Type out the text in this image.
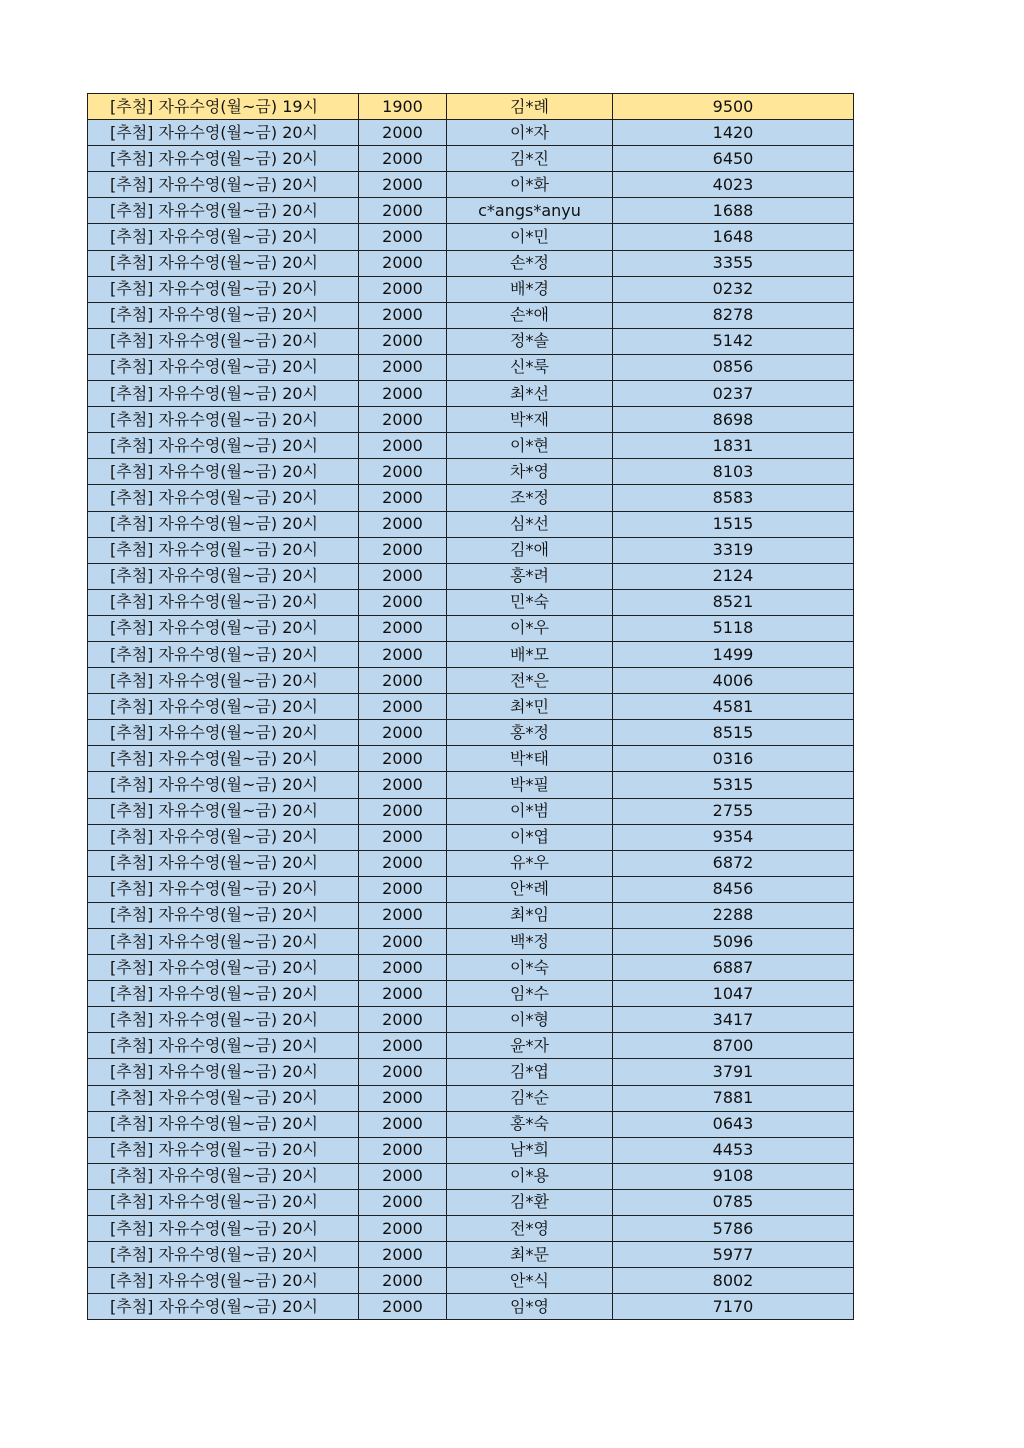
[추첨] 자유수영(월~금) 19시	1900	김*례	9500
[추첨] 자유수영(월~금) 20시	2000	이*자	1420
[추첨] 자유수영(월~금) 20시	2000	김*진	6450
[추첨] 자유수영(월~금) 20시	2000	이*화	4023
[추첨] 자유수영(월~금) 20시	2000	c*angs*anyu	1688
[추첨] 자유수영(월~금) 20시	2000	이*민	1648
[추첨] 자유수영(월~금) 20시	2000	손*정	3355
[추첨] 자유수영(월~금) 20시	2000	배*경	0232
[추첨] 자유수영(월~금) 20시	2000	손*애	8278
[추첨] 자유수영(월~금) 20시	2000	정*솔	5142
[추첨] 자유수영(월~금) 20시	2000	신*룩	0856
[추첨] 자유수영(월~금) 20시	2000	최*선	0237
[추첨] 자유수영(월~금) 20시	2000	박*재	8698
[추첨] 자유수영(월~금) 20시	2000	이*현	1831
[추첨] 자유수영(월~금) 20시	2000	차*영	8103
[추첨] 자유수영(월~금) 20시	2000	조*정	8583
[추첨] 자유수영(월~금) 20시	2000	심*선	1515
[추첨] 자유수영(월~금) 20시	2000	김*애	3319
[추첨] 자유수영(월~금) 20시	2000	홍*려	2124
[추첨] 자유수영(월~금) 20시	2000	민*숙	8521
[추첨] 자유수영(월~금) 20시	2000	이*우	5118
[추첨] 자유수영(월~금) 20시	2000	배*모	1499
[추첨] 자유수영(월~금) 20시	2000	전*은	4006
[추첨] 자유수영(월~금) 20시	2000	최*민	4581
[추첨] 자유수영(월~금) 20시	2000	홍*정	8515
[추첨] 자유수영(월~금) 20시	2000	박*태	0316
[추첨] 자유수영(월~금) 20시	2000	박*필	5315
[추첨] 자유수영(월~금) 20시	2000	이*범	2755
[추첨] 자유수영(월~금) 20시	2000	이*엽	9354
[추첨] 자유수영(월~금) 20시	2000	유*우	6872
[추첨] 자유수영(월~금) 20시	2000	안*례	8456
[추첨] 자유수영(월~금) 20시	2000	최*임	2288
[추첨] 자유수영(월~금) 20시	2000	백*정	5096
[추첨] 자유수영(월~금) 20시	2000	이*숙	6887
[추첨] 자유수영(월~금) 20시	2000	임*수	1047
[추첨] 자유수영(월~금) 20시	2000	이*형	3417
[추첨] 자유수영(월~금) 20시	2000	윤*자	8700
[추첨] 자유수영(월~금) 20시	2000	김*엽	3791
[추첨] 자유수영(월~금) 20시	2000	김*순	7881
[추첨] 자유수영(월~금) 20시	2000	홍*숙	0643
[추첨] 자유수영(월~금) 20시	2000	남*희	4453
[추첨] 자유수영(월~금) 20시	2000	이*용	9108
[추첨] 자유수영(월~금) 20시	2000	김*환	0785
[추첨] 자유수영(월~금) 20시	2000	전*영	5786
[추첨] 자유수영(월~금) 20시	2000	최*문	5977
[추첨] 자유수영(월~금) 20시	2000	안*식	8002
[추첨] 자유수영(월~금) 20시	2000	임*영	7170
